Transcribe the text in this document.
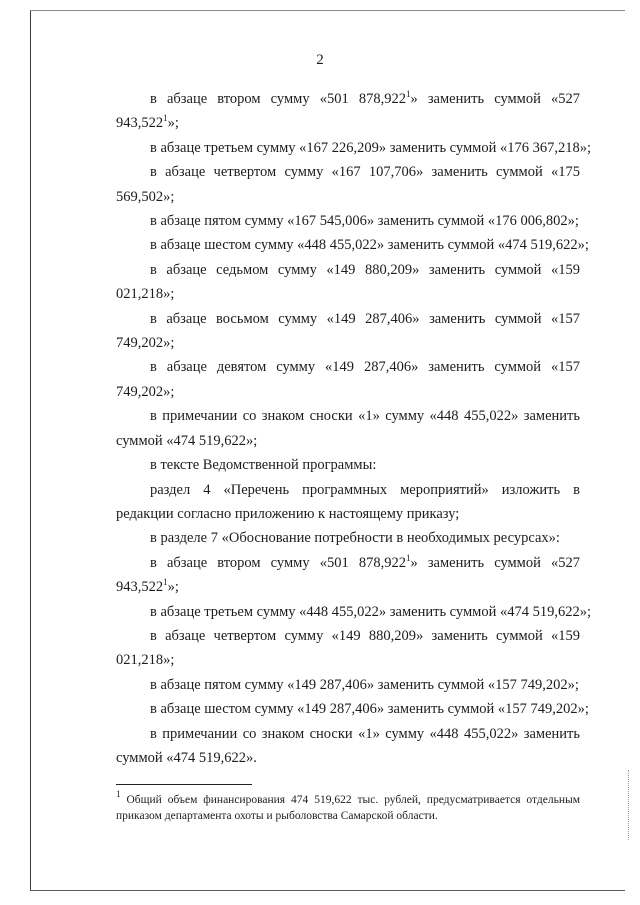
2

в абзаце втором сумму «501 878,922$^1$» заменить суммой «527 943,522$^1$»;

в абзаце третьем сумму «167 226,209» заменить суммой «176 367,218»;

в абзаце четвертом сумму «167 107,706» заменить суммой «175 569,502»;

в абзаце пятом сумму «167 545,006» заменить суммой «176 006,802»;

в абзаце шестом сумму «448 455,022» заменить суммой «474 519,622»;

в абзаце седьмом сумму «149 880,209» заменить суммой «159 021,218»;

в абзаце восьмом сумму «149 287,406» заменить суммой «157 749,202»;

в абзаце девятом сумму «149 287,406» заменить суммой «157 749,202»;

в примечании со знаком сноски «1» сумму «448 455,022» заменить суммой «474 519,622»;

в тексте Ведомственной программы:

раздел 4 «Перечень программных мероприятий» изложить в редакции согласно приложению к настоящему приказу;

в разделе 7 «Обоснование потребности в необходимых ресурсах»:

в абзаце втором сумму «501 878,922$^1$» заменить суммой «527 943,522$^1$»;

в абзаце третьем сумму «448 455,022» заменить суммой «474 519,622»;

в абзаце четвертом сумму «149 880,209» заменить суммой «159 021,218»;

в абзаце пятом сумму «149 287,406» заменить суммой «157 749,202»;

в абзаце шестом сумму «149 287,406» заменить суммой «157 749,202»;

в примечании со знаком сноски «1» сумму «448 455,022» заменить суммой «474 519,622».

$^1$ Общий объем финансирования 474 519,622 тыс. рублей, предусматривается отдельным приказом департамента охоты и рыболовства Самарской области.
